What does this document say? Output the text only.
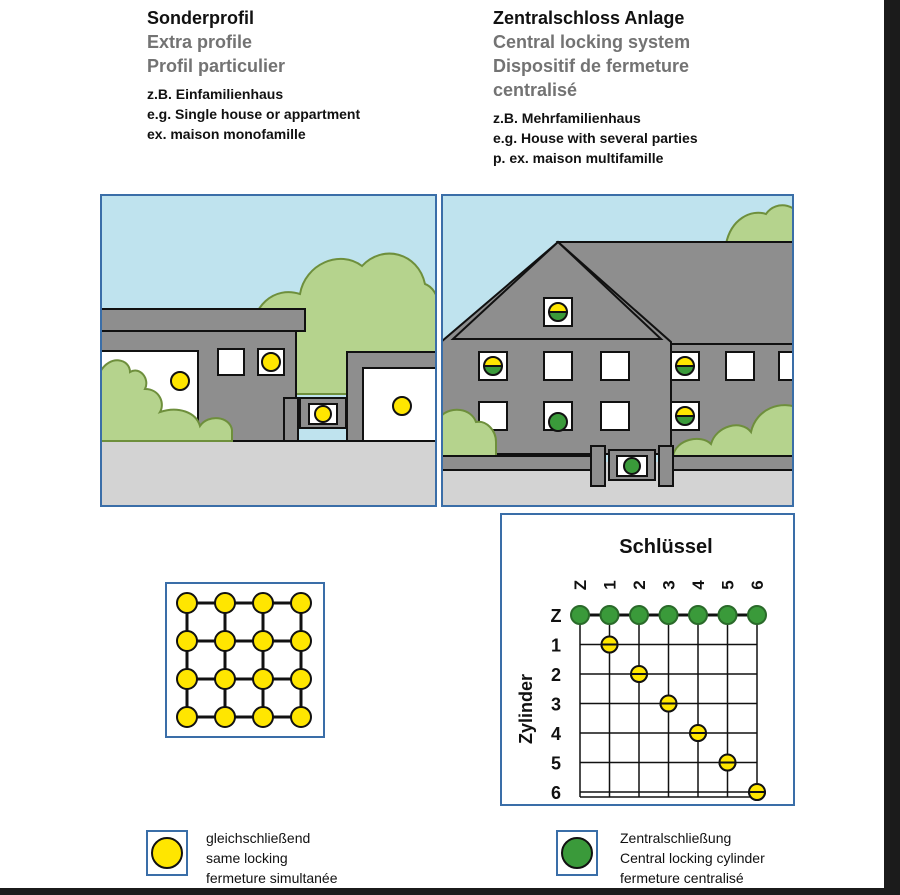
Sonderprofil

Extra profile

Profil particulier

z.B. Einfamilienhaus

e.g. Single house or appartment

ex. maison monofamille

Zentralschloss Anlage

Central locking system

Dispositif de fermeture

centralisé

z.B. Mehrfamilienhaus

e.g. House with several parties

p. ex. maison multifamille

Schlüssel
Zylinder
Z 1 2 3 4 5 6
Z
1
2
3
4
5
6
gleichschließend
same locking
fermeture simultanée
Zentralschließung
Central locking cylinder
fermeture centralisé
